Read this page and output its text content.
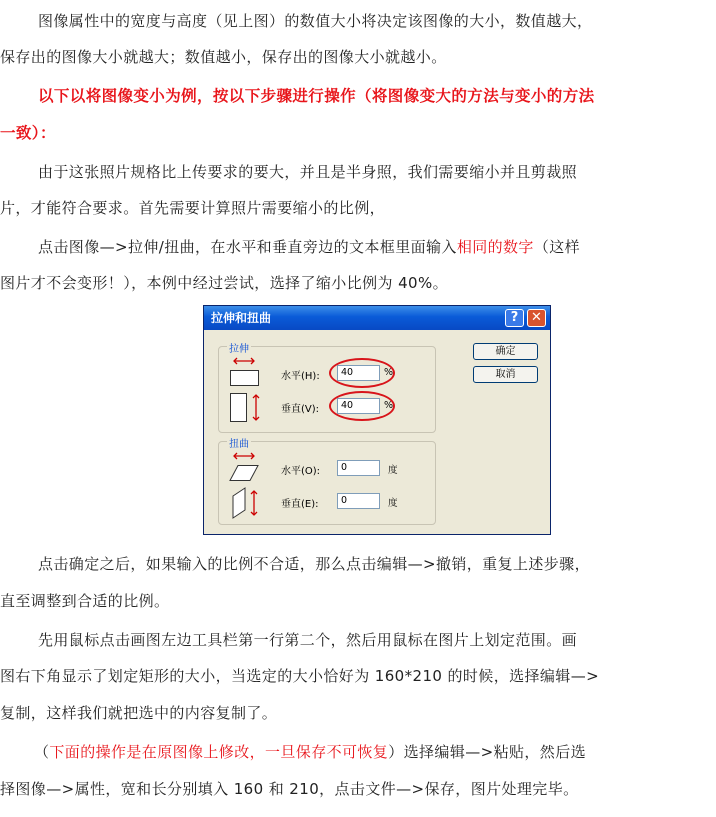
图像属性中的宽度与高度（见上图）的数值大小将决定该图像的大小，数值越大，

保存出的图像大小就越大；数值越小，保存出的图像大小就越小。

以下以将图像变小为例，按以下步骤进行操作（将图像变大的方法与变小的方法

一致）：

由于这张照片规格比上传要求的要大，并且是半身照，我们需要缩小并且剪裁照

片，才能符合要求。首先需要计算照片需要缩小的比例，

点击图像—>拉伸/扭曲，在水平和垂直旁边的文本框里面输入相同的数字（这样

图片才不会变形！），本例中经过尝试，选择了缩小比例为 40%。

拉伸和扭曲	? ✕
拉伸
水平(H):	40	%
垂直(V):	40	%
扭曲
水平(O):	0	度
垂直(E):	0	度
确定
取消

点击确定之后，如果输入的比例不合适，那么点击编辑—>撤销，重复上述步骤，

直至调整到合适的比例。

先用鼠标点击画图左边工具栏第一行第二个，然后用鼠标在图片上划定范围。画

图右下角显示了划定矩形的大小，当选定的大小恰好为 160*210 的时候，选择编辑—>

复制，这样我们就把选中的内容复制了。

（下面的操作是在原图像上修改，一旦保存不可恢复）选择编辑—>粘贴，然后选

择图像—>属性，宽和长分别填入 160 和 210，点击文件—>保存，图片处理完毕。
